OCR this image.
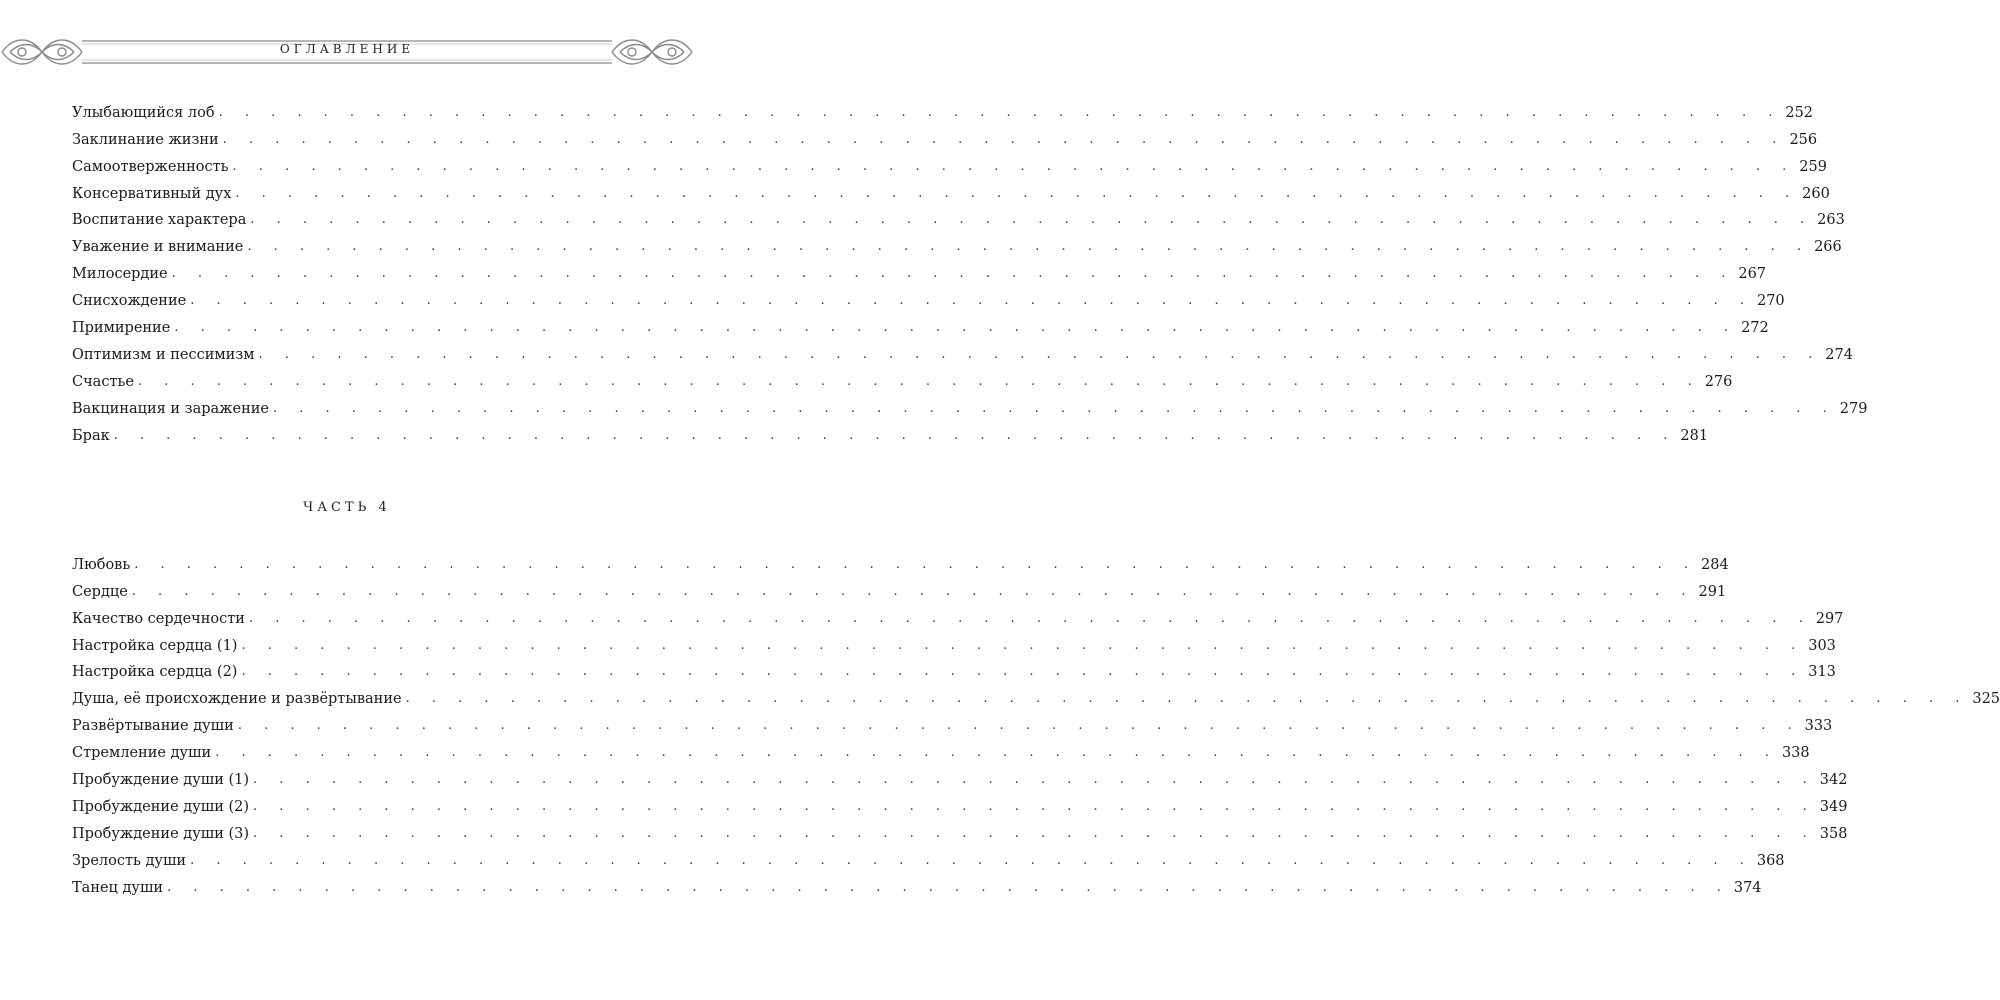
ОГЛАВЛЕНИЕ
Улыбающийся лоб . . . . . . . . . . . . . . . . . . . . . . . . . . . . . . . . . . . . . . . . . . . . . . . . . . . . . . . . . . . . 252
Заклинание жизни . . . . . . . . . . . . . . . . . . . . . . . . . . . . . . . . . . . . . . . . . . . . . . . . . . . . . . . . . . . . 256
Самоотверженность . . . . . . . . . . . . . . . . . . . . . . . . . . . . . . . . . . . . . . . . . . . . . . . . . . . . . . . . . . . . 259
Консервативный дух . . . . . . . . . . . . . . . . . . . . . . . . . . . . . . . . . . . . . . . . . . . . . . . . . . . . . . . . . . . . 260
Воспитание характера . . . . . . . . . . . . . . . . . . . . . . . . . . . . . . . . . . . . . . . . . . . . . . . . . . . . . . . . . . . . 263
Уважение и внимание . . . . . . . . . . . . . . . . . . . . . . . . . . . . . . . . . . . . . . . . . . . . . . . . . . . . . . . . . . . . 266
Милосердие . . . . . . . . . . . . . . . . . . . . . . . . . . . . . . . . . . . . . . . . . . . . . . . . . . . . . . . . . . . . 267
Снисхождение . . . . . . . . . . . . . . . . . . . . . . . . . . . . . . . . . . . . . . . . . . . . . . . . . . . . . . . . . . . . 270
Примирение . . . . . . . . . . . . . . . . . . . . . . . . . . . . . . . . . . . . . . . . . . . . . . . . . . . . . . . . . . . . 272
Оптимизм и пессимизм . . . . . . . . . . . . . . . . . . . . . . . . . . . . . . . . . . . . . . . . . . . . . . . . . . . . . . . . . . . . 274
Счастье . . . . . . . . . . . . . . . . . . . . . . . . . . . . . . . . . . . . . . . . . . . . . . . . . . . . . . . . . . . . 276
Вакцинация и заражение . . . . . . . . . . . . . . . . . . . . . . . . . . . . . . . . . . . . . . . . . . . . . . . . . . . . . . . . . . . . 279
Брак . . . . . . . . . . . . . . . . . . . . . . . . . . . . . . . . . . . . . . . . . . . . . . . . . . . . . . . . . . . . 281
ЧАСТЬ 4
Любовь . . . . . . . . . . . . . . . . . . . . . . . . . . . . . . . . . . . . . . . . . . . . . . . . . . . . . . . . . . . . 284
Сердце . . . . . . . . . . . . . . . . . . . . . . . . . . . . . . . . . . . . . . . . . . . . . . . . . . . . . . . . . . . . 291
Качество сердечности . . . . . . . . . . . . . . . . . . . . . . . . . . . . . . . . . . . . . . . . . . . . . . . . . . . . . . . . . . . . 297
Настройка сердца (1) . . . . . . . . . . . . . . . . . . . . . . . . . . . . . . . . . . . . . . . . . . . . . . . . . . . . . . . . . . . . 303
Настройка сердца (2) . . . . . . . . . . . . . . . . . . . . . . . . . . . . . . . . . . . . . . . . . . . . . . . . . . . . . . . . . . . . 313
Душа, её происхождение и развёртывание . . . . . . . . . . . . . . . . . . . . . . . . . . . . . . . . . . . . . . . . . . . . . . . . . . . . . . . . . . . . 325
Развёртывание души . . . . . . . . . . . . . . . . . . . . . . . . . . . . . . . . . . . . . . . . . . . . . . . . . . . . . . . . . . . . 333
Стремление души . . . . . . . . . . . . . . . . . . . . . . . . . . . . . . . . . . . . . . . . . . . . . . . . . . . . . . . . . . . . 338
Пробуждение души (1) . . . . . . . . . . . . . . . . . . . . . . . . . . . . . . . . . . . . . . . . . . . . . . . . . . . . . . . . . . . . 342
Пробуждение души (2) . . . . . . . . . . . . . . . . . . . . . . . . . . . . . . . . . . . . . . . . . . . . . . . . . . . . . . . . . . . . 349
Пробуждение души (3) . . . . . . . . . . . . . . . . . . . . . . . . . . . . . . . . . . . . . . . . . . . . . . . . . . . . . . . . . . . . 358
Зрелость души . . . . . . . . . . . . . . . . . . . . . . . . . . . . . . . . . . . . . . . . . . . . . . . . . . . . . . . . . . . . 368
Танец души . . . . . . . . . . . . . . . . . . . . . . . . . . . . . . . . . . . . . . . . . . . . . . . . . . . . . . . . . . . . 374
